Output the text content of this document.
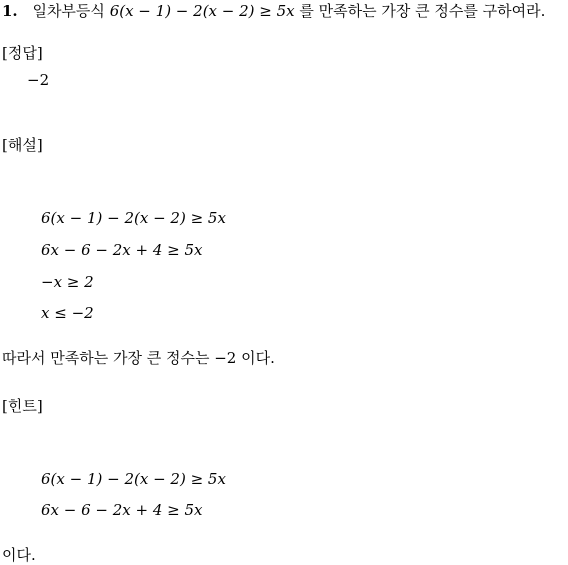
1. 일차부등식 6(x − 1) − 2(x − 2) ≥ 5x 를 만족하는 가장 큰 정수를 구하여라.
[정답]
−2
[해설]
6(x − 1) − 2(x − 2) ≥ 5x
6x − 6 − 2x + 4 ≥ 5x
−x ≥ 2
x ≤ −2
따라서 만족하는 가장 큰 정수는 −2 이다.
[힌트]
6(x − 1) − 2(x − 2) ≥ 5x
6x − 6 − 2x + 4 ≥ 5x
이다.
